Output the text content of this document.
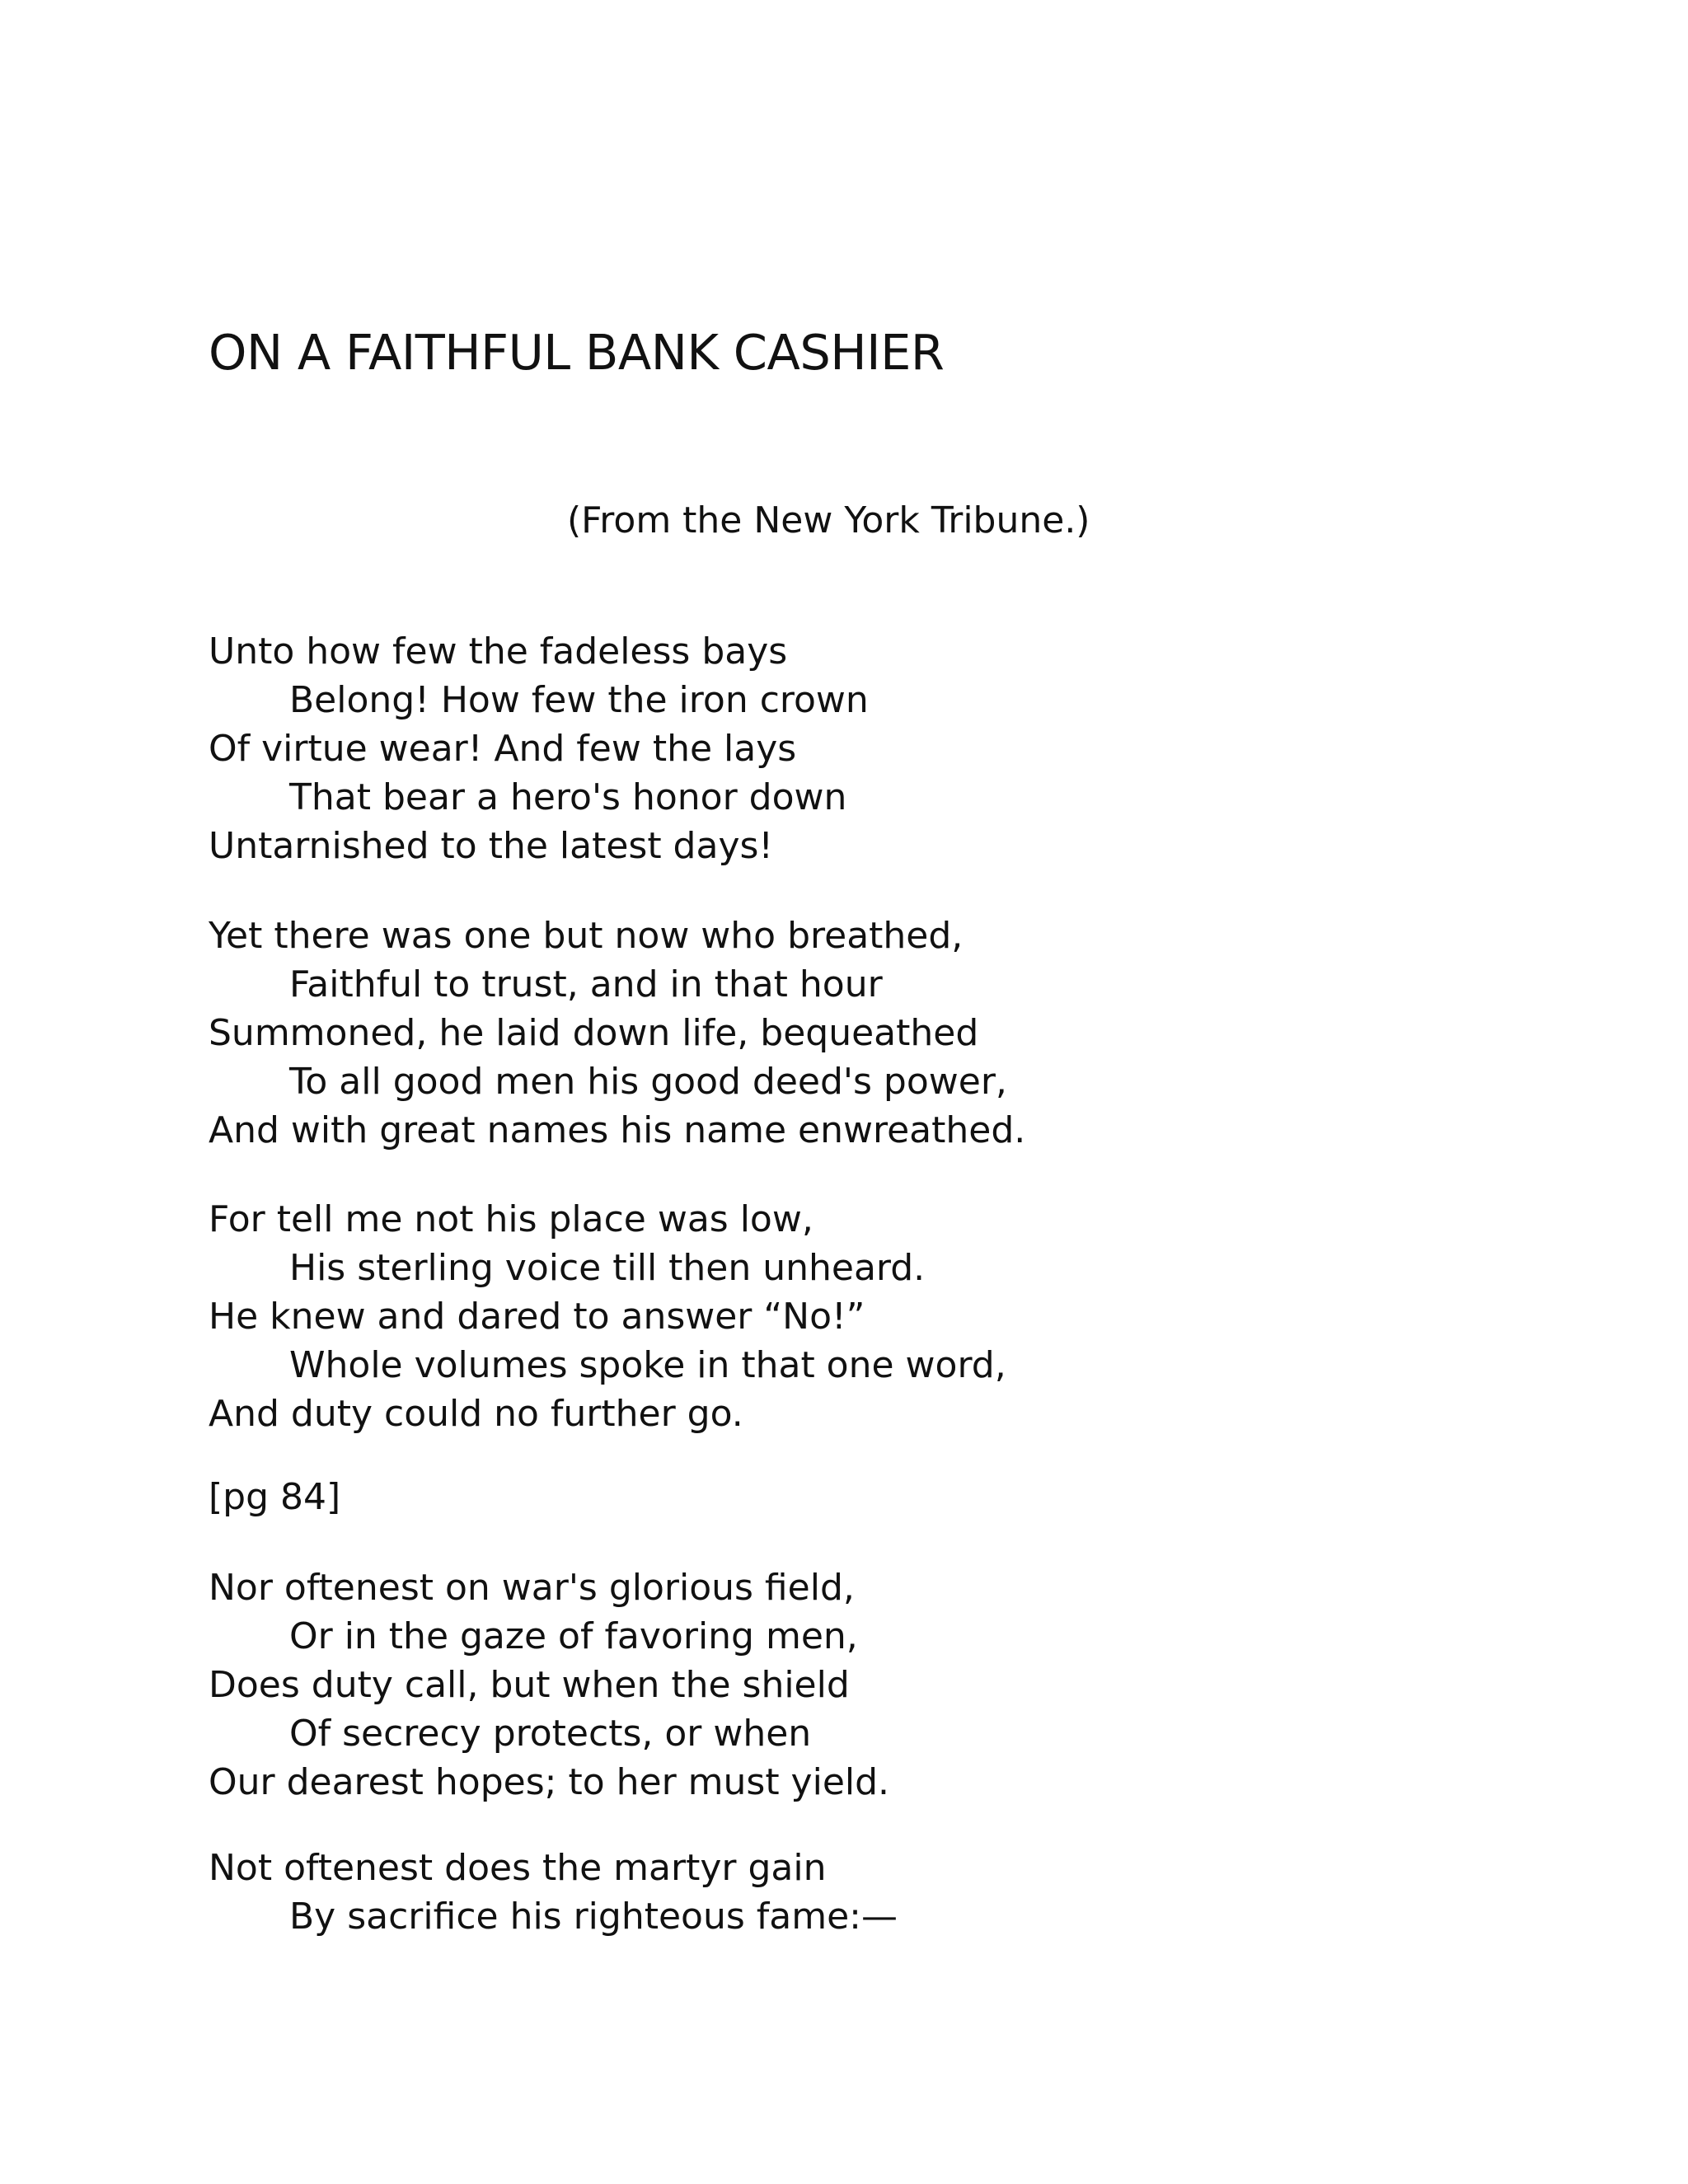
ON A FAITHFUL BANK CASHIER
(From the New York Tribune.)
Unto how few the fadeless bays
Belong! How few the iron crown
Of virtue wear! And few the lays
That bear a hero's honor down
Untarnished to the latest days!
Yet there was one but now who breathed,
Faithful to trust, and in that hour
Summoned, he laid down life, bequeathed
To all good men his good deed's power,
And with great names his name enwreathed.
For tell me not his place was low,
His sterling voice till then unheard.
He knew and dared to answer “No!”
Whole volumes spoke in that one word,
And duty could no further go.
[pg 84]
Nor oftenest on war's glorious field,
Or in the gaze of favoring men,
Does duty call, but when the shield
Of secrecy protects, or when
Our dearest hopes; to her must yield.
Not oftenest does the martyr gain
By sacrifice his righteous fame:—
